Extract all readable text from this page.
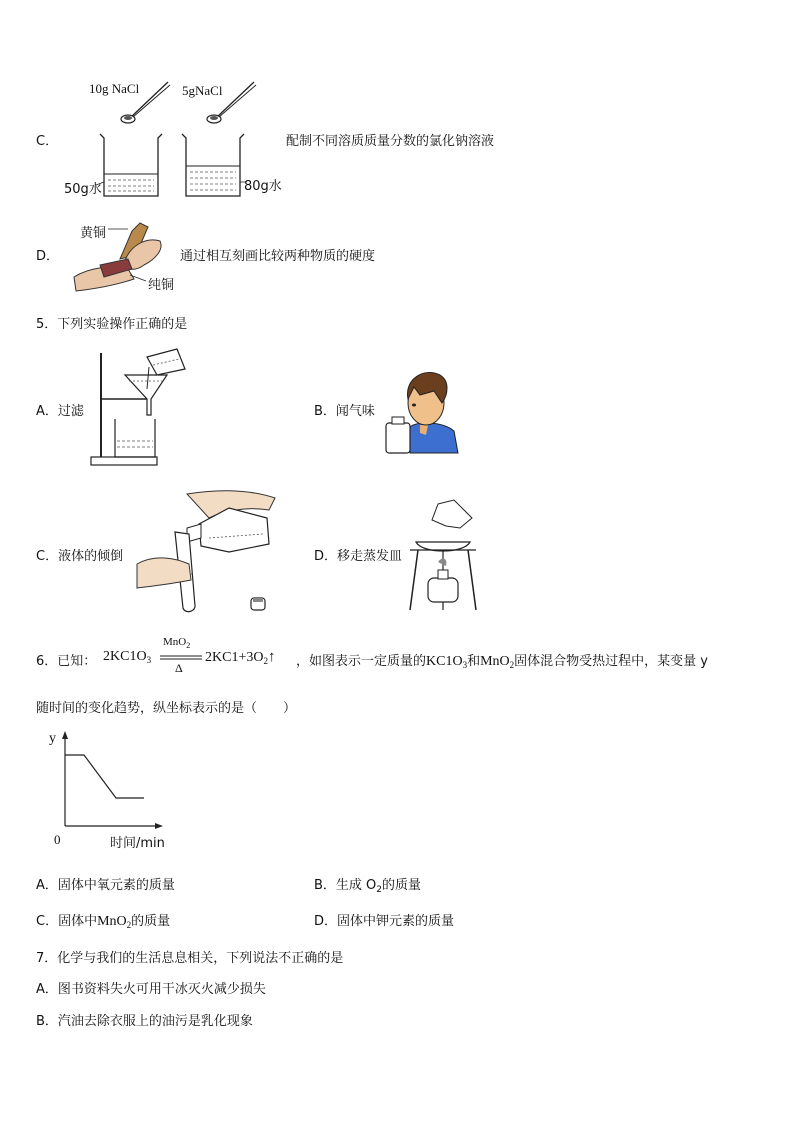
C．
10g NaCl	5gNaCl
50g水	80g水
配制不同溶质质量分数的氯化钠溶液
D．
黄铜
纯铜
通过相互刻画比较两种物质的硬度
5．下列实验操作正确的是
A．过滤	B．闻气味
C．液体的倾倒	D．移走蒸发皿
6．已知： $2KC1O_3$
MnO$_2$
Δ
$2KC1+3O_2↑$ ，如图表示一定质量的$KC1O_3$和MnO$_2$固体混合物受热过程中，某变量 y
随时间的变化趋势，纵坐标表示的是（　　）
y
0	时间/min
A．固体中氧元素的质量	B．生成 $O_2$的质量
C．固体中MnO$_2$的质量	D．固体中钾元素的质量
7．化学与我们的生活息息相关，下列说法不正确的是
A．图书资料失火可用干冰灭火减少损失
B．汽油去除衣服上的油污是乳化现象
